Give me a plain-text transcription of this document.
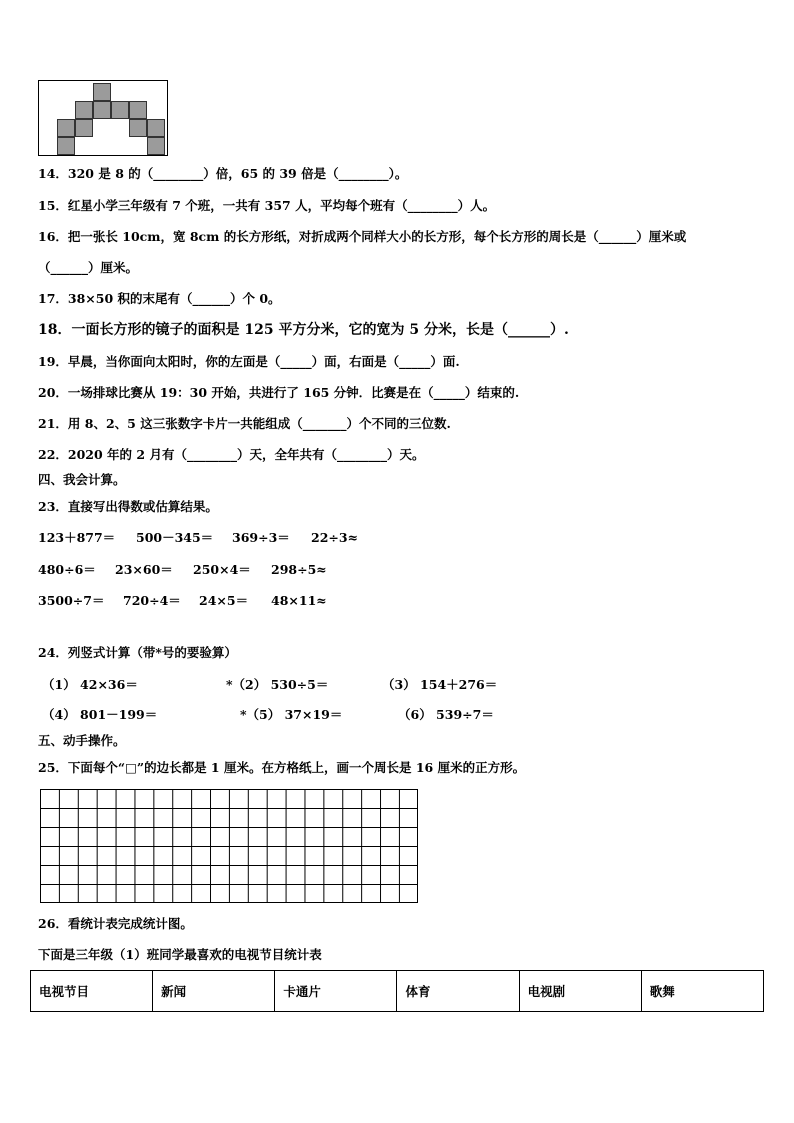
14．320 是 8 的（________）倍，65 的 39 倍是（________）。
15．红星小学三年级有 7 个班，一共有 357 人，平均每个班有（________）人。
16．把一张长 10cm，宽 8cm 的长方形纸，对折成两个同样大小的长方形，每个长方形的周长是（______）厘米或
（______）厘米。
17．38×50 积的末尾有（______）个 0。
18．一面长方形的镜子的面积是 125 平方分米，它的宽为 5 分米，长是（______）.
19．早晨，当你面向太阳时，你的左面是（_____）面，右面是（_____）面.
20．一场排球比赛从 19：30 开始，共进行了 165 分钟．比赛是在（_____）结束的.
21．用 8、2、5 这三张数字卡片一共能组成（_______）个不同的三位数.
22．2020 年的 2 月有（________）天，全年共有（________）天。
四、我会计算。
23．直接写出得数或估算结果。
123＋877＝ 500－345＝ 369÷3＝ 22÷3≈
480÷6＝ 23×60＝ 250×4＝ 298÷5≈
3500÷7＝ 720÷4＝ 24×5＝ 48×11≈
24．列竖式计算（带*号的要验算）
（1） 42×36＝	*（2） 530÷5＝	（3） 154＋276＝
（4） 801－199＝	*（5） 37×19＝	（6） 539÷7＝
五、动手操作。
25．下面每个“□”的边长都是 1 厘米。在方格纸上，画一个周长是 16 厘米的正方形。
26．看统计表完成统计图。
下面是三年级（1）班同学最喜欢的电视节目统计表
电视节目	新闻	卡通片	体育	电视剧	歌舞
